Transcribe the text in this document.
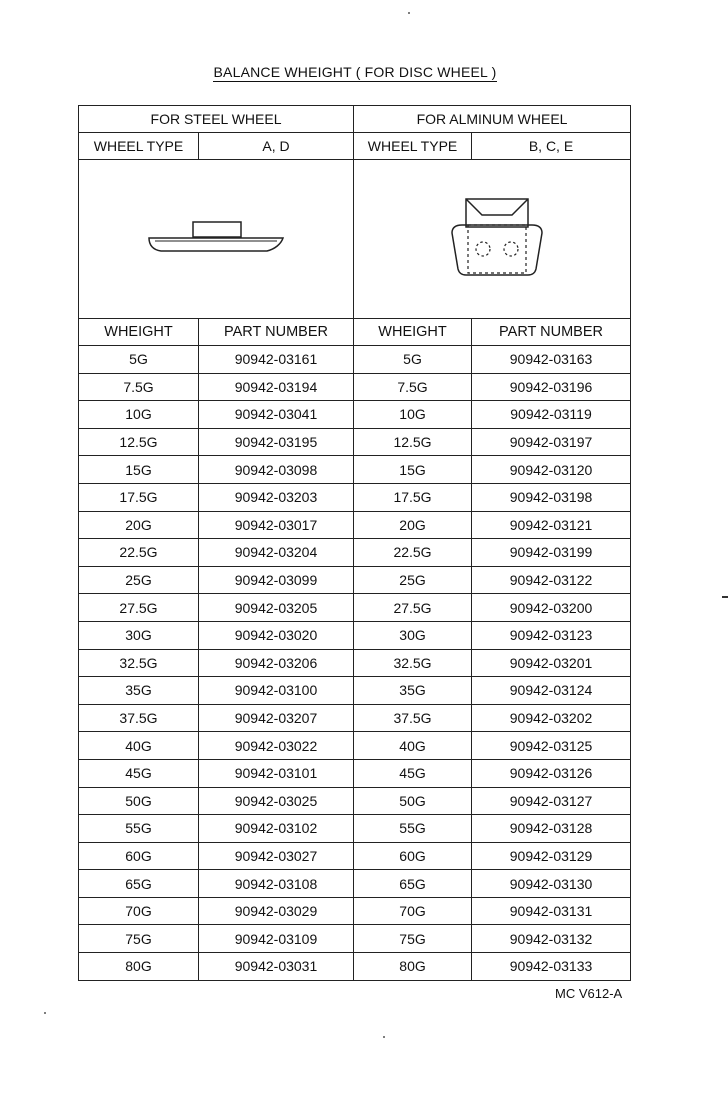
BALANCE WHEIGHT ( FOR DISC WHEEL )
FOR STEEL WHEEL		FOR ALMINUM WHEEL	
WHEEL TYPE	A, D	WHEEL TYPE	B, C, E

WHEIGHT	PART NUMBER	WHEIGHT	PART NUMBER
5G	90942-03161	5G	90942-03163
7.5G	90942-03194	7.5G	90942-03196
10G	90942-03041	10G	90942-03119
12.5G	90942-03195	12.5G	90942-03197
15G	90942-03098	15G	90942-03120
17.5G	90942-03203	17.5G	90942-03198
20G	90942-03017	20G	90942-03121
22.5G	90942-03204	22.5G	90942-03199
25G	90942-03099	25G	90942-03122
27.5G	90942-03205	27.5G	90942-03200
30G	90942-03020	30G	90942-03123
32.5G	90942-03206	32.5G	90942-03201
35G	90942-03100	35G	90942-03124
37.5G	90942-03207	37.5G	90942-03202
40G	90942-03022	40G	90942-03125
45G	90942-03101	45G	90942-03126
50G	90942-03025	50G	90942-03127
55G	90942-03102	55G	90942-03128
60G	90942-03027	60G	90942-03129
65G	90942-03108	65G	90942-03130
70G	90942-03029	70G	90942-03131
75G	90942-03109	75G	90942-03132
80G	90942-03031	80G	90942-03133
MC V612-A
